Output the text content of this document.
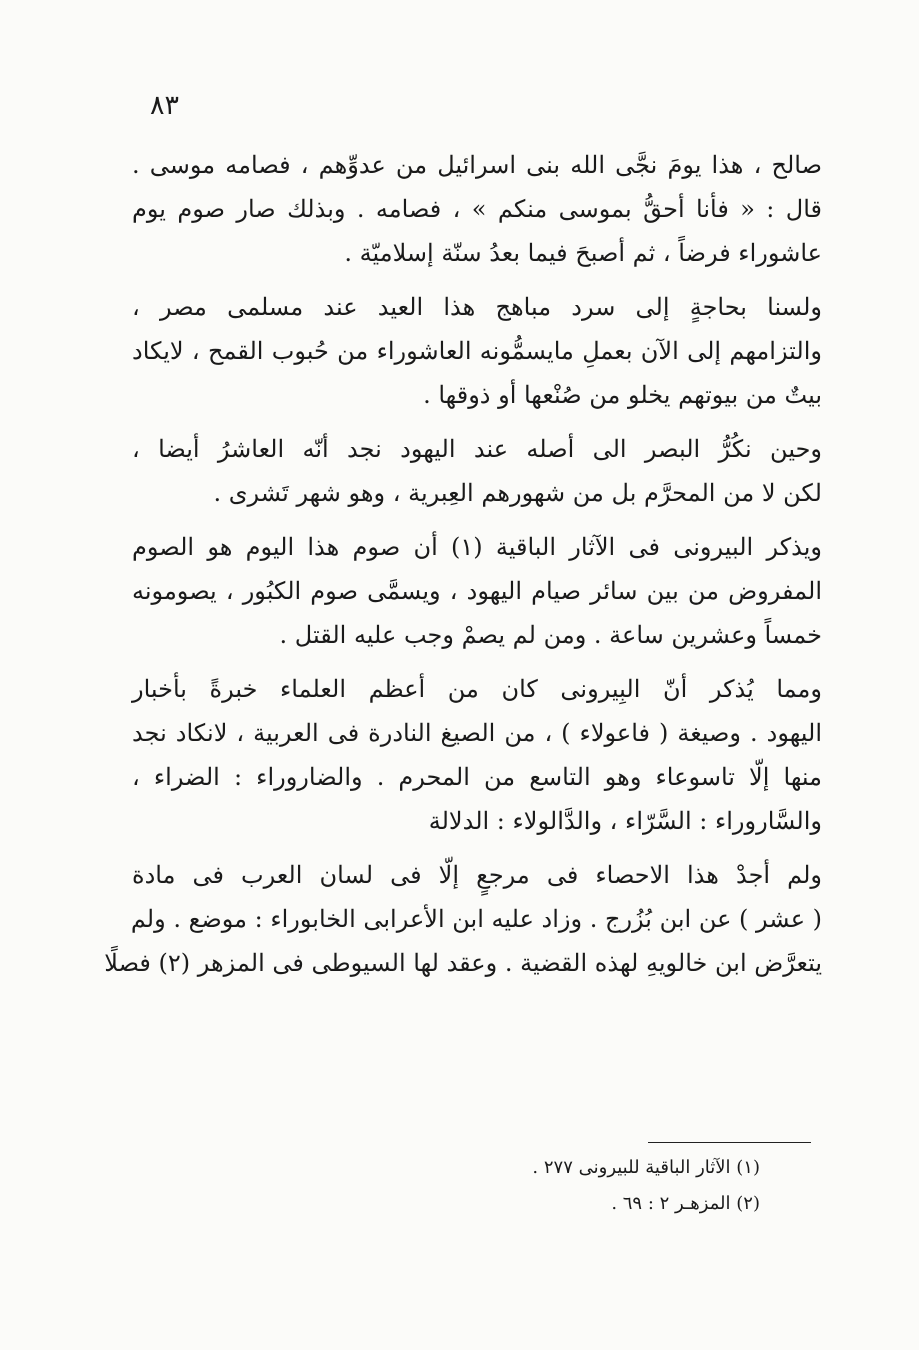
٨٣
صالح ، هذا يومَ نجَّى الله بنى اسرائيل من عدوِّهم ، فصامه موسى .
قال : « فأنا أحقُّ بموسى منكم » ، فصامه . وبذلك صار صوم يوم
عاشوراء فرضاً ، ثم أصبحَ فيما بعدُ سنّة إسلاميّة .
ولسنا بحاجةٍ إلى سرد مباهج هذا العيد عند مسلمى مصر ،
والتزامهم إلى الآن بعملِ مايسمُّونه العاشوراء من حُبوب القمح ، لايكاد
بيتٌ من بيوتهم يخلو من صُنْعها أو ذوقها .
وحين نكُرُّ البصر الى أصله عند اليهود نجد أنّه العاشرُ أيضا ،
لكن لا من المحرَّم بل من شهورهم العِبرية ، وهو شهر تَشرى .
ويذكر البيرونى فى الآثار الباقية (١) أن صوم هذا اليوم هو الصوم
المفروض من بين سائر صيام اليهود ، ويسمَّى صوم الكبُور ، يصومونه
خمساً وعشرين ساعة . ومن لم يصمْ وجب عليه القتل .
ومما يُذكر أنّ البِيرونى كان من أعظم العلماء خبرةً بأخبار
اليهود . وصيغة ( فاعولاء ) ، من الصيغ النادرة فى العربية ، لانكاد نجد
منها إلّا تاسوعاء وهو التاسع من المحرم . والضاروراء : الضراء ،
والسَّاروراء : السَّرّاء ، والدَّالولاء : الدلالة
ولم أجدْ هذا الاحصاء فى مرجعٍ إلّا فى لسان العرب فى مادة
( عشر ) عن ابن بُزُرج . وزاد عليه ابن الأعرابى الخابوراء : موضع . ولم
يتعرَّض ابن خالويهِ لهذه القضية . وعقد لها السيوطى فى المزهر (٢) فصلًا
(١) الآثار الباقية للبيرونى ٢٧٧ .
(٢) المزهـر ٢ : ٦٩ .
